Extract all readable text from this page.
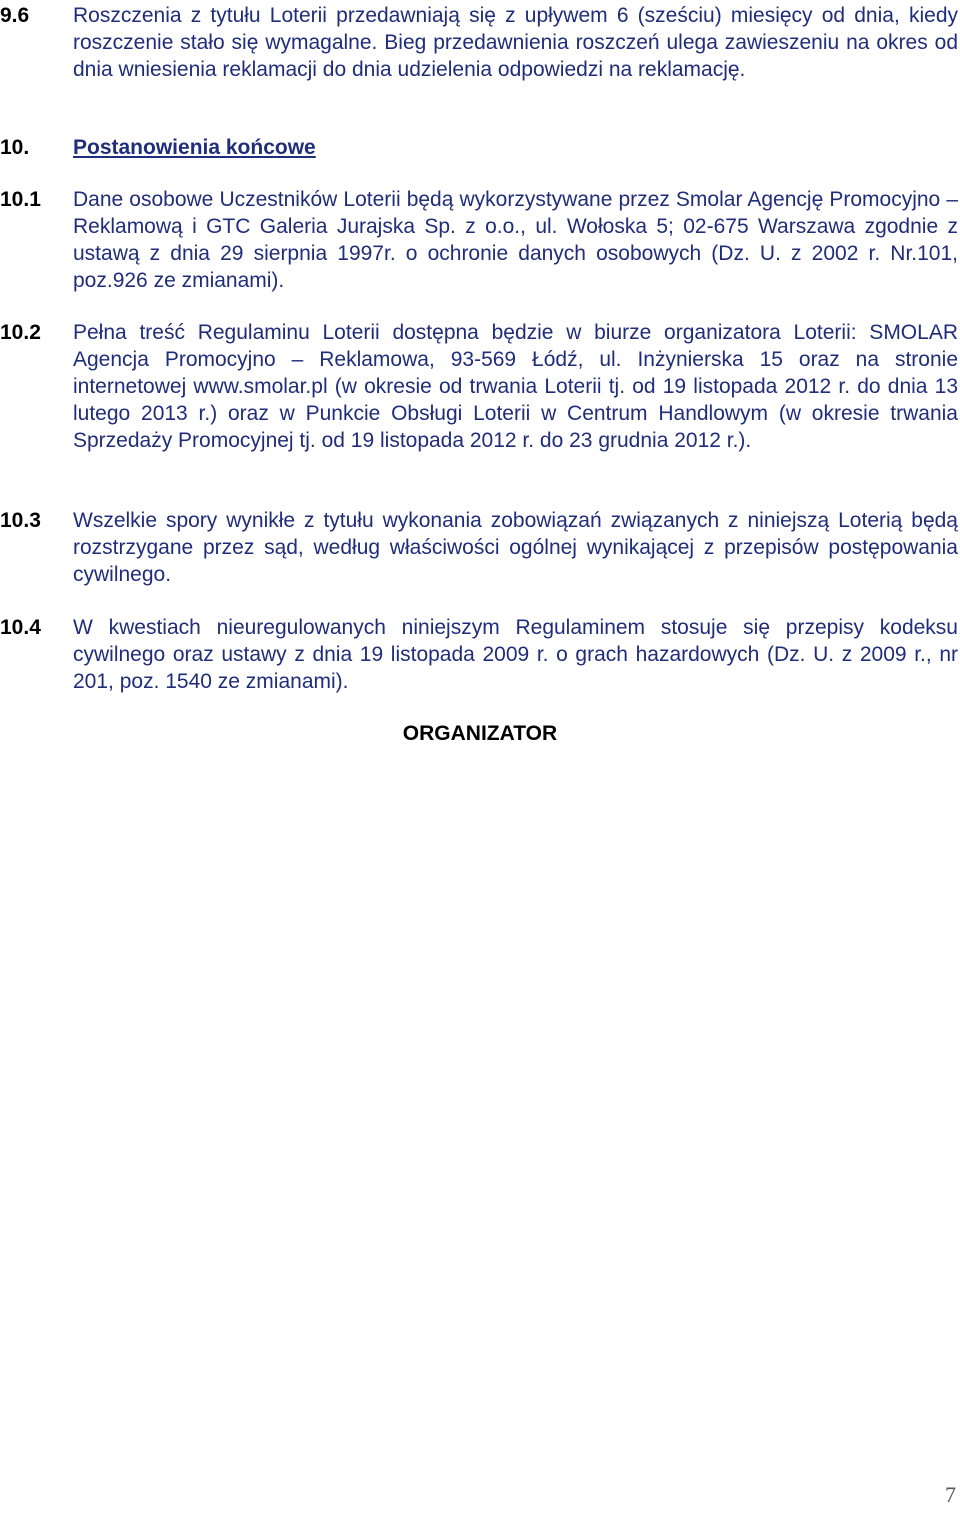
9.6	Roszczenia z tytułu Loterii przedawniają się z upływem 6 (sześciu) miesięcy od dnia, kiedy roszczenie stało się wymagalne. Bieg przedawnienia roszczeń ulega zawieszeniu na okres od dnia wniesienia reklamacji do dnia udzielenia odpowiedzi na reklamację.
10.	Postanowienia końcowe
10.1	Dane osobowe Uczestników Loterii będą wykorzystywane przez Smolar Agencję Promocyjno – Reklamową i GTC Galeria Jurajska Sp. z o.o., ul. Wołoska 5; 02-675 Warszawa zgodnie z ustawą z dnia 29 sierpnia 1997r. o ochronie danych osobowych (Dz. U. z 2002 r. Nr.101, poz.926 ze zmianami).
10.2	Pełna treść Regulaminu Loterii dostępna będzie w biurze organizatora Loterii: SMOLAR Agencja Promocyjno – Reklamowa, 93-569 Łódź, ul. Inżynierska 15 oraz na stronie internetowej www.smolar.pl (w okresie od trwania Loterii tj. od 19 listopada 2012 r. do dnia 13 lutego 2013 r.) oraz w Punkcie Obsługi Loterii w Centrum Handlowym (w okresie trwania Sprzedaży Promocyjnej tj. od 19 listopada 2012 r. do 23 grudnia 2012 r.).
10.3	Wszelkie spory wynikłe z tytułu wykonania zobowiązań związanych z niniejszą Loterią będą rozstrzygane przez sąd, według właściwości ogólnej wynikającej z przepisów postępowania cywilnego.
10.4	W kwestiach nieuregulowanych niniejszym Regulaminem stosuje się przepisy kodeksu cywilnego oraz ustawy z dnia 19 listopada 2009 r. o grach hazardowych (Dz. U. z 2009 r., nr 201, poz. 1540 ze zmianami).
ORGANIZATOR
7
